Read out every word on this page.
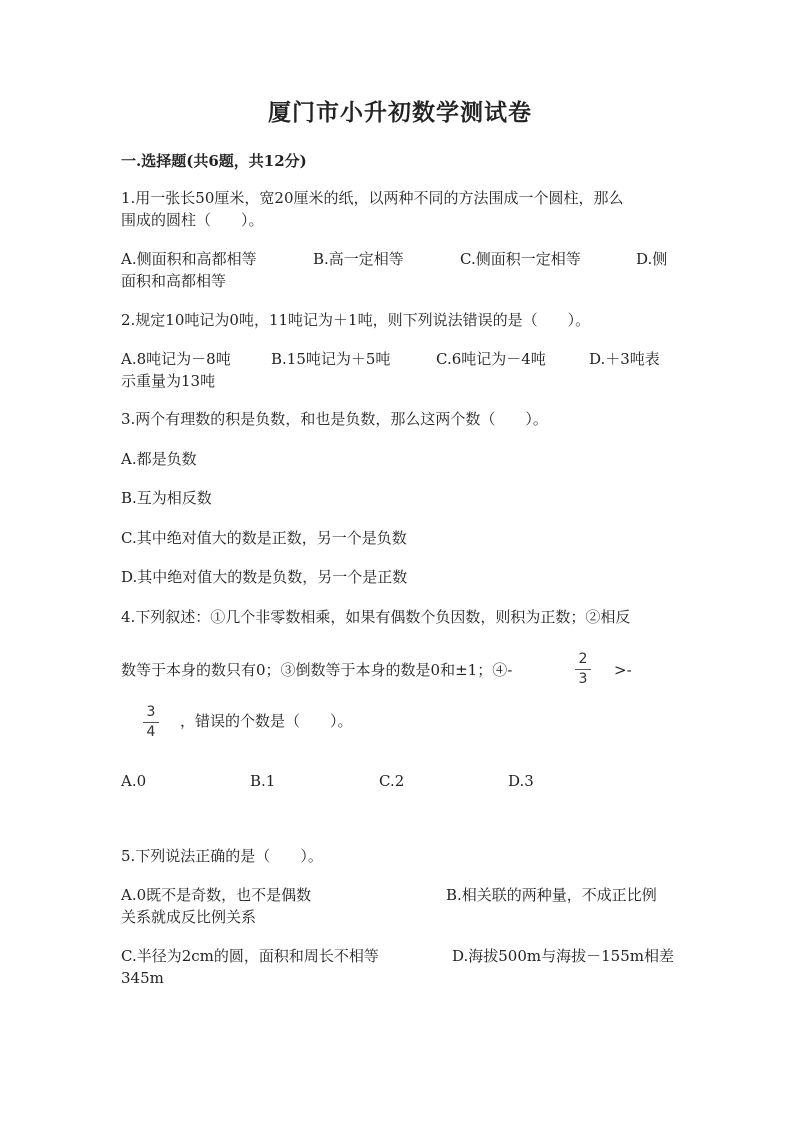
厦门市小升初数学测试卷
一.选择题(共6题，共12分)
1.用一张长50厘米，宽20厘米的纸，以两种不同的方法围成一个圆柱，那么
围成的圆柱（　　）。
A.侧面积和高都相等	B.高一定相等	C.侧面积一定相等	D.侧
面积和高都相等
2.规定10吨记为0吨，11吨记为＋1吨，则下列说法错误的是（　　）。
A.8吨记为－8吨	B.15吨记为＋5吨	C.6吨记为－4吨	D.＋3吨表
示重量为13吨
3.两个有理数的积是负数，和也是负数，那么这两个数（　　）。
A.都是负数
B.互为相反数
C.其中绝对值大的数是正数，另一个是负数
D.其中绝对值大的数是负数，另一个是正数
4.下列叙述：①几个非零数相乘，如果有偶数个负因数，则积为正数；②相反
数等于本身的数只有0；③倒数等于本身的数是0和±1；④-
2
3	>-
3
4
，错误的个数是（　　）。
A.0	B.1	C.2	D.3
5.下列说法正确的是（　　）。
A.0既不是奇数，也不是偶数	B.相关联的两种量，不成正比例
关系就成反比例关系
C.半径为2cm的圆，面积和周长不相等	D.海拔500m与海拔－155m相差
345m
